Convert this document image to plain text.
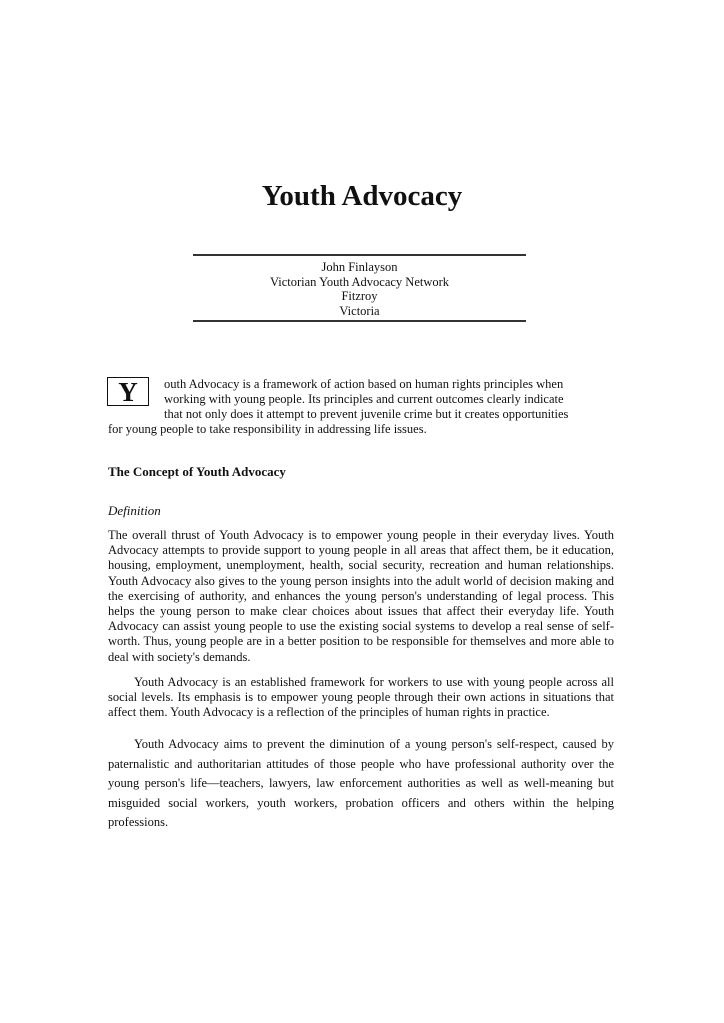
Youth Advocacy
John Finlayson
Victorian Youth Advocacy Network
Fitzroy
Victoria
Y	outh Advocacy is a framework of action based on human rights principles when
working with young people. Its principles and current outcomes clearly indicate
that not only does it attempt to prevent juvenile crime but it creates opportunities
for young people to take responsibility in addressing life issues.
The Concept of Youth Advocacy
Definition

The overall thrust of Youth Advocacy is to empower young people in their everyday lives. Youth Advocacy attempts to provide support to young people in all areas that affect them, be it education, housing, employment, unemployment, health, social security, recreation and human relationships. Youth Advocacy also gives to the young person insights into the adult world of decision making and the exercising of authority, and enhances the young person's understanding of legal process. This helps the young person to make clear choices about issues that affect their everyday life. Youth Advocacy can assist young people to use the existing social systems to develop a real sense of self-worth. Thus, young people are in a better position to be responsible for themselves and more able to deal with society's demands.

Youth Advocacy is an established framework for workers to use with young people across all social levels. Its emphasis is to empower young people through their own actions in situations that affect them. Youth Advocacy is a reflection of the principles of human rights in practice.

Youth Advocacy aims to prevent the diminution of a young person's self-respect, caused by paternalistic and authoritarian attitudes of those people who have professional authority over the young person's life—teachers, lawyers, law enforcement authorities as well as well-meaning but misguided social workers, youth workers, probation officers and others within the helping professions.
